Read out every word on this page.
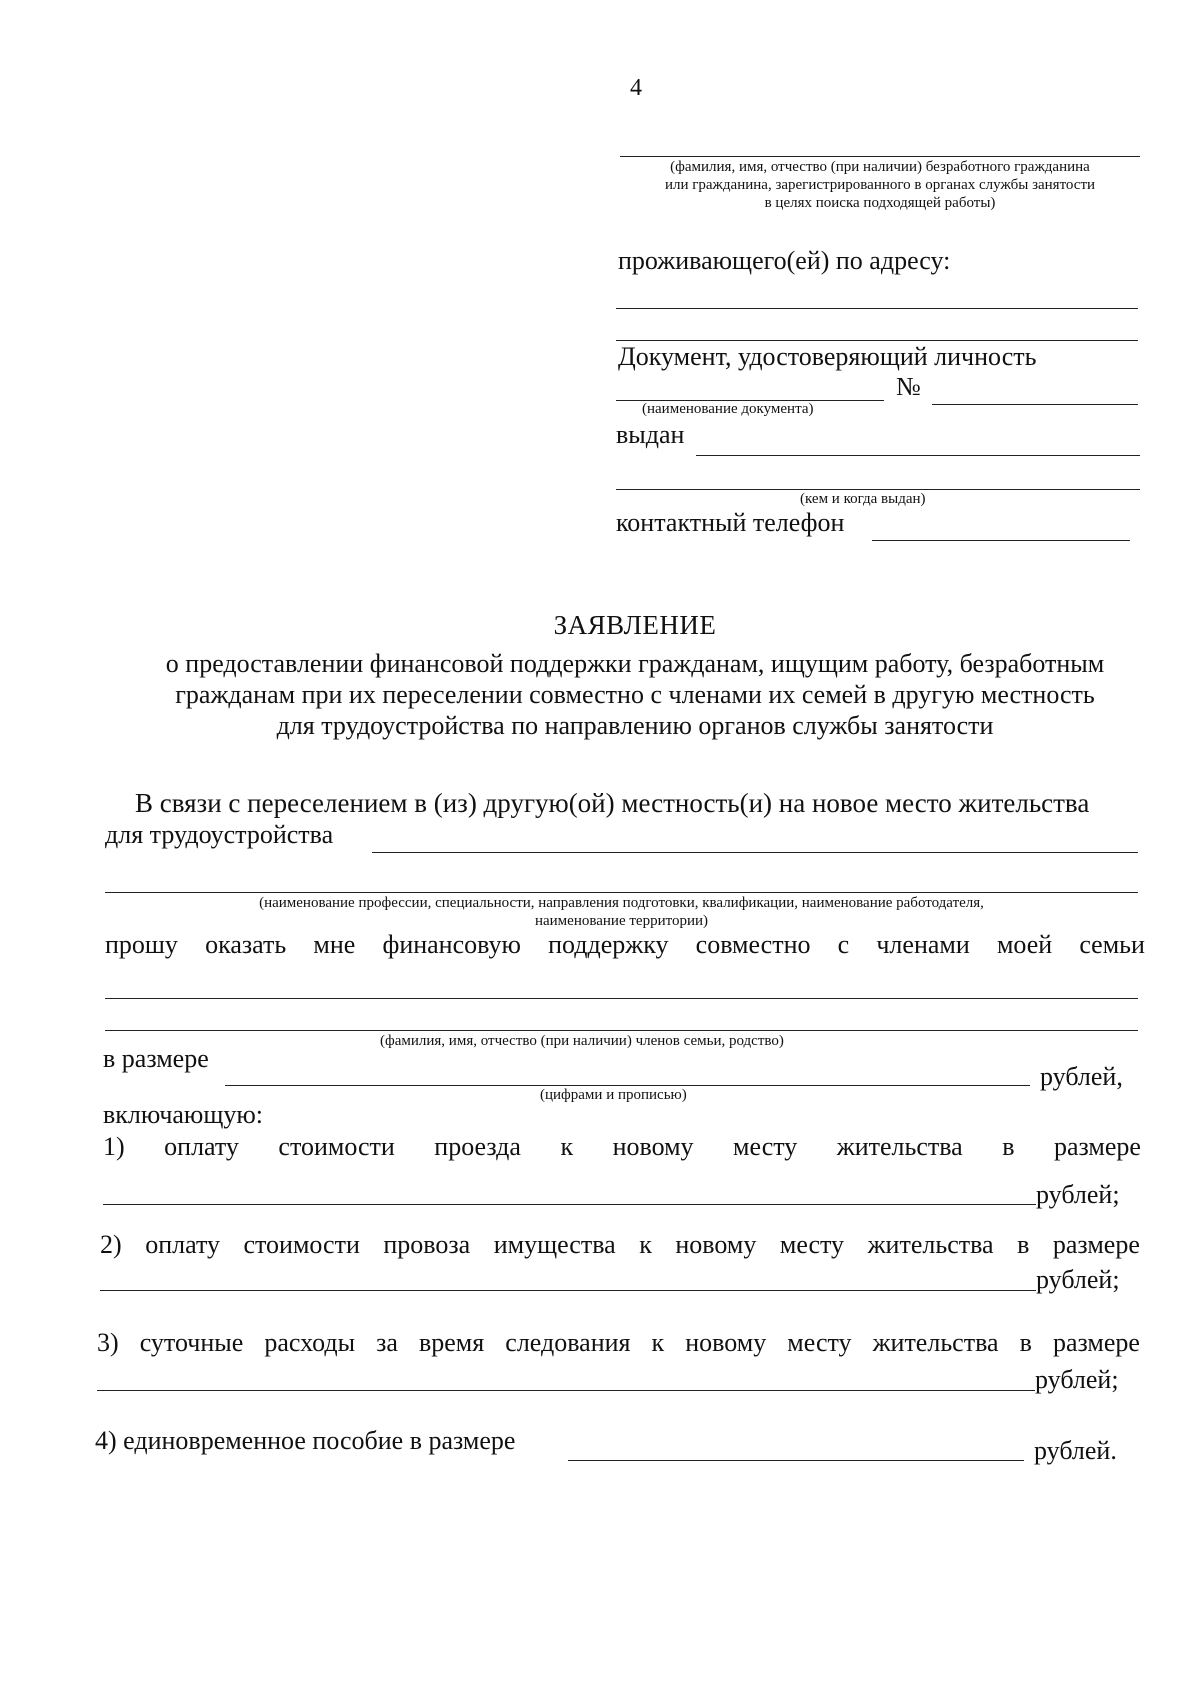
4
(фамилия, имя, отчество (при наличии) безработного гражданина
или гражданина, зарегистрированного в органах службы занятости
в целях поиска подходящей работы)
проживающего(ей) по адресу:
Документ, удостоверяющий личность
№
(наименование документа)
выдан
(кем и когда выдан)
контактный телефон
ЗАЯВЛЕНИЕ
о предоставлении финансовой поддержки гражданам, ищущим работу, безработным
гражданам при их переселении совместно с членами их семей в другую местность
для трудоустройства по направлению органов службы занятости
В связи с переселением в (из) другую(ой) местность(и) на новое место жительства
для трудоустройства
(наименование профессии, специальности, направления подготовки, квалификации, наименование работодателя,
наименование территории)
прошу оказать мне финансовую поддержку совместно с членами моей семьи
(фамилия, имя, отчество (при наличии) членов семьи, родство)
в размере
рублей,
(цифрами и прописью)
включающую:
1) оплату стоимости проезда к новому месту жительства в размере
рублей;
2) оплату стоимости провоза имущества к новому месту жительства в размере
рублей;
3) суточные расходы за время следования к новому месту жительства в размере
рублей;
4) единовременное пособие в размере	рублей.
